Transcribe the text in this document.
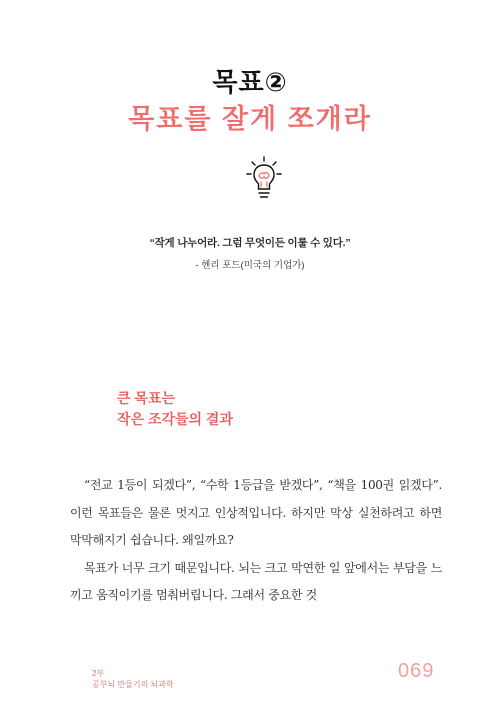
목표②
목표를 잘게 쪼개라
“작게 나누어라. 그럼 무엇이든 이룰 수 있다.”
- 헨리 포드(미국의 기업가)
큰 목표는
작은 조각들의 결과

“전교 1등이 되겠다”, “수학 1등급을 받겠다”, “책을 100권 읽겠다”. 이런 목표들은 물론 멋지고 인상적입니다. 하지만 막상 실천하려고 하면 막막해지기 쉽습니다. 왜일까요?

목표가 너무 크기 때문입니다. 뇌는 크고 막연한 일 앞에서는 부담을 느끼고 움직이기를 멈춰버립니다. 그래서 중요한 것

2부
공부뇌 만들기의 뇌과학
069
